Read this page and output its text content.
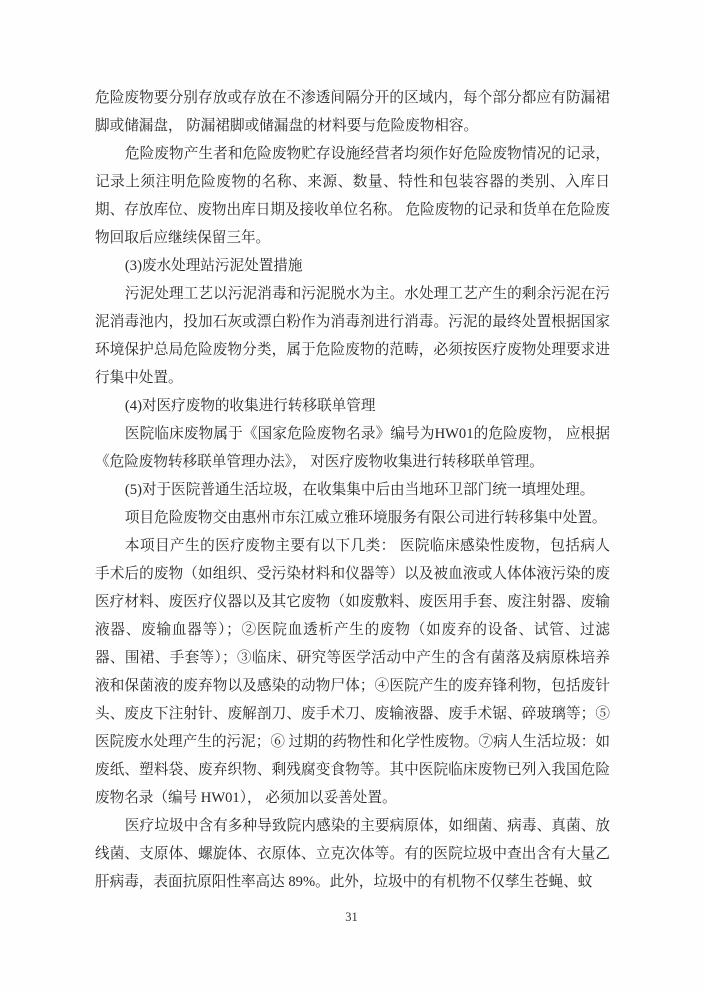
危险废物要分别存放或存放在不渗透间隔分开的区域内，每个部分都应有防漏裙脚或储漏盘， 防漏裙脚或储漏盘的材料要与危险废物相容。

危险废物产生者和危险废物贮存设施经营者均须作好危险废物情况的记录，记录上须注明危险废物的名称、来源、数量、特性和包装容器的类别、入库日期、存放库位、废物出库日期及接收单位名称。 危险废物的记录和货单在危险废物回取后应继续保留三年。

(3)废水处理站污泥处置措施

污泥处理工艺以污泥消毒和污泥脱水为主。水处理工艺产生的剩余污泥在污泥消毒池内，投加石灰或漂白粉作为消毒剂进行消毒。污泥的最终处置根据国家环境保护总局危险废物分类，属于危险废物的范畴，必须按医疗废物处理要求进行集中处置。

(4)对医疗废物的收集进行转移联单管理

医院临床废物属于《国家危险废物名录》编号为HW01的危险废物， 应根据《危险废物转移联单管理办法》， 对医疗废物收集进行转移联单管理。

(5)对于医院普通生活垃圾，在收集集中后由当地环卫部门统一填埋处理。

项目危险废物交由惠州市东江威立雅环境服务有限公司进行转移集中处置。

本项目产生的医疗废物主要有以下几类： 医院临床感染性废物，包括病人手术后的废物（如组织、受污染材料和仪器等）以及被血液或人体体液污染的废医疗材料、废医疗仪器以及其它废物（如废敷料、废医用手套、废注射器、废输液器、废输血器等）；②医院血透析产生的废物（如废弃的设备、试管、过滤器、围裙、手套等）；③临床、研究等医学活动中产生的含有菌落及病原株培养液和保菌液的废弃物以及感染的动物尸体；④医院产生的废弃锋利物，包括废针头、废皮下注射针、废解剖刀、废手术刀、废输液器、废手术锯、碎玻璃等；⑤医院废水处理产生的污泥；⑥ 过期的药物性和化学性废物。⑦病人生活垃圾：如废纸、塑料袋、废弃织物、剩残腐变食物等。其中医院临床废物已列入我国危险废物名录（编号 HW01）， 必须加以妥善处置。

医疗垃圾中含有多种导致院内感染的主要病原体，如细菌、病毒、真菌、放线菌、支原体、螺旋体、衣原体、立克次体等。有的医院垃圾中查出含有大量乙肝病毒，表面抗原阳性率高达 89%。此外，垃圾中的有机物不仅孳生苍蝇、蚊

31
